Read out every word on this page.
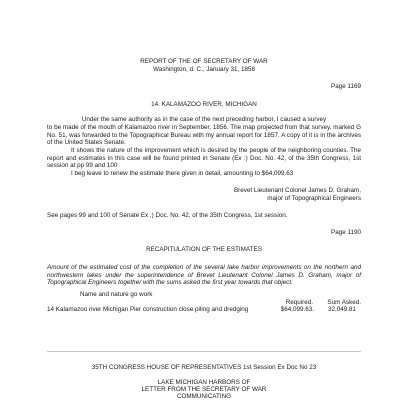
REPORT OF THE OF SECRETARY OF WAR
Washington, d. C., January 31, 1858
Page 1169
14. KALAMAZOO RIVER, MICHIGAN
Under the same authority as in the case of the next preceding harbor, I caused a survey
to be made of the mouth of Kalamazoo river in September, 1856. The map projected from that survey, marked G No. 51, was forwarded to the Topographical Bureau with my annual report for 1857. A copy of it is in the archives of the United States Senate.
It shows the nature of the improvement which is desired by the people of the neighboring counties. The report and estimates in this case will be found printed in Senate (Ex :) Doc. No. 42, of the 35th Congress, 1st session at pp 99 and 100
I beg leave to renew the estimate there given in detail, amounting to $64,099.63
Brevet Lieutenant Colonel James D. Graham,
major of Topographical Engineers
See pages 99 and 100 of Senate Ex .) Doc. No. 42, of the 35th Congress, 1st session.
Page 1190
RECAPITULATION OF THE ESTIMATES
Amount of the estimated cost of the completion of the several lake harbor improvements on the northern and northwestern lakes under the superintendence of Brevet Lieutenant Colonel James D. Graham, major of Topographical Engineers together with the sums asked the first year towards that object.
Name and nature go work
Required. Sum Asked.
14 Kalamazoo river Michigan Pier construction close piling and dredging	$64,099.63. 32,049.81
35TH CONGRESS HOUSE OF REPRESENTATIVES 1st Session Ex Doc No 23
LAKE MICHIGAN HARBORS OF
LETTER FROM THE SECRETARY OF WAR
COMMUNICATING
